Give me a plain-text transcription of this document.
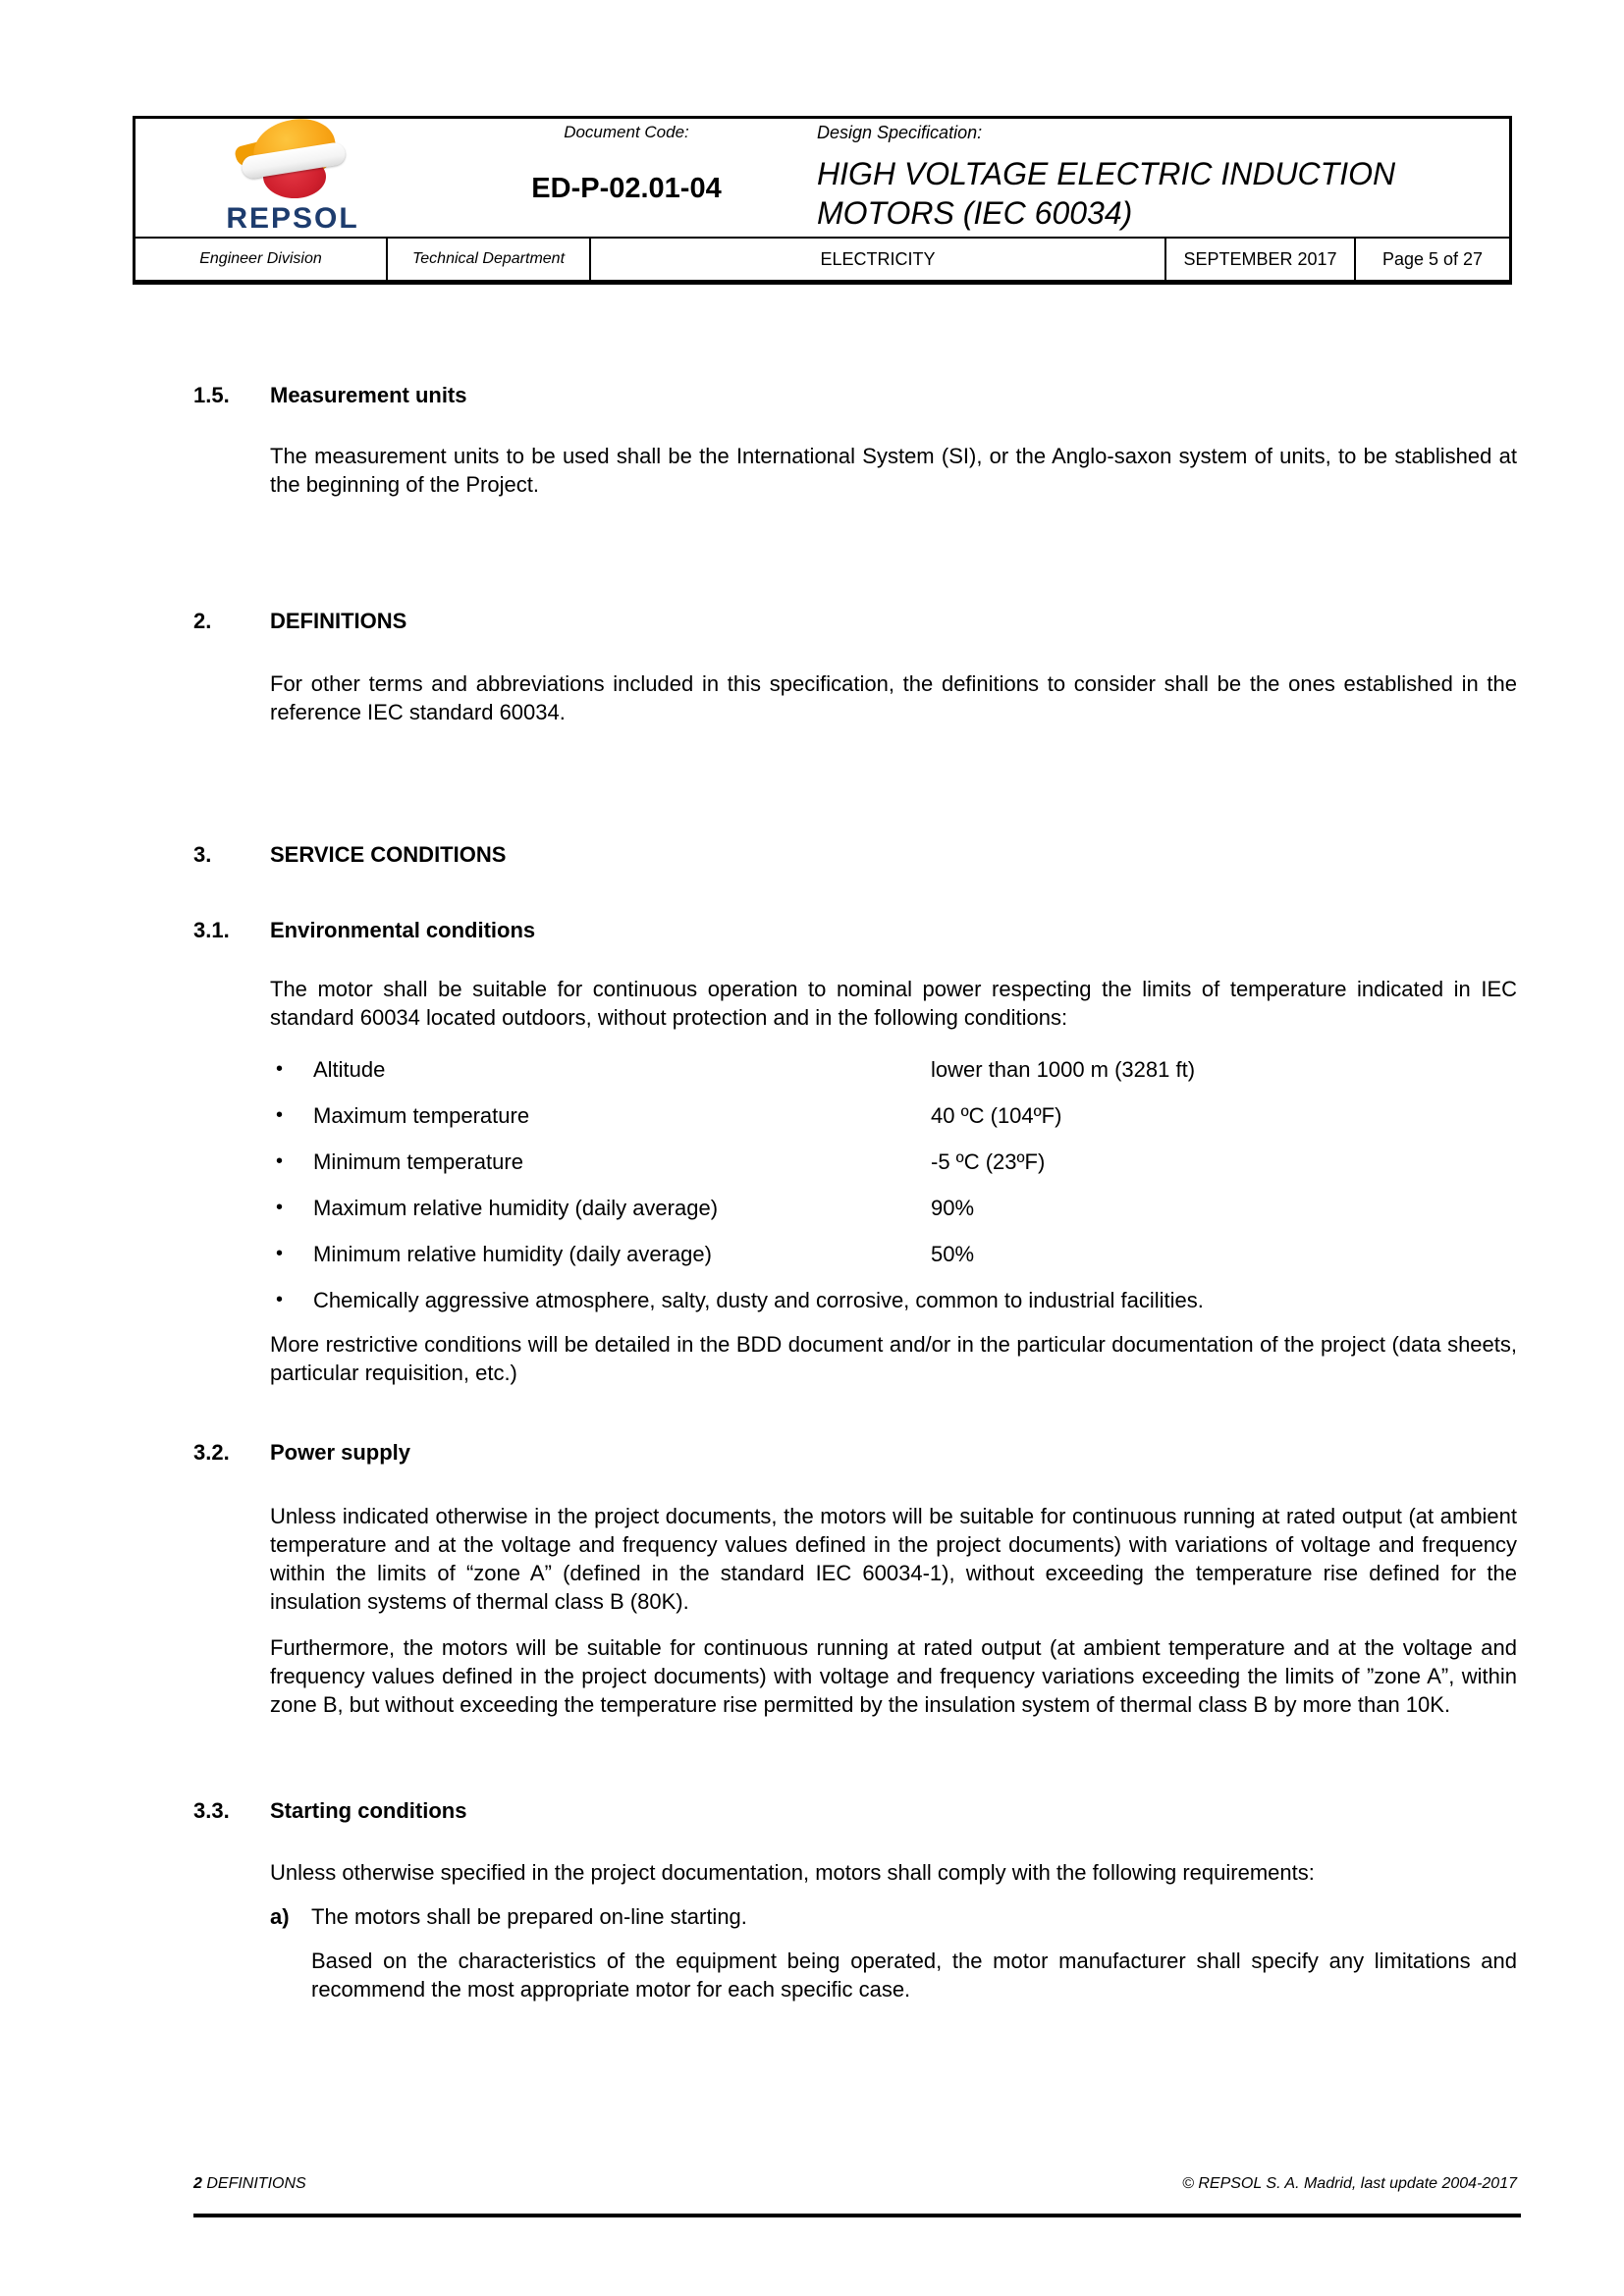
REPSOL
Document Code:
ED-P-02.01-04
Design Specification:
HIGH VOLTAGE ELECTRIC INDUCTION MOTORS (IEC 60034)
Engineer Division	Technical Department	ELECTRICITY	SEPTEMBER 2017	Page 5 of 27
1.5. Measurement units
The measurement units to be used shall be the International System (SI), or the Anglo-saxon system of units, to be stablished at the beginning of the Project.
2.	DEFINITIONS
For other terms and abbreviations included in this specification, the definitions to consider shall be the ones established in the reference IEC standard 60034.
3.	SERVICE CONDITIONS
3.1. Environmental conditions
The motor shall be suitable for continuous operation to nominal power respecting the limits of temperature indicated in IEC standard 60034 located outdoors, without protection and in the following conditions:
• Altitude	lower than 1000 m (3281 ft)
• Maximum temperature	40 ºC (104ºF)
• Minimum temperature	-5 ºC (23ºF)
• Maximum relative humidity (daily average)	90%
• Minimum relative humidity (daily average)	50%
• Chemically aggressive atmosphere, salty, dusty and corrosive, common to industrial facilities.
More restrictive conditions will be detailed in the BDD document and/or in the particular documentation of the project (data sheets, particular requisition, etc.)
3.2. Power supply
Unless indicated otherwise in the project documents, the motors will be suitable for continuous running at rated output (at ambient temperature and at the voltage and frequency values defined in the project documents) with variations of voltage and frequency within the limits of “zone A” (defined in the standard IEC 60034-1), without exceeding the temperature rise defined for the insulation systems of thermal class B (80K).
Furthermore, the motors will be suitable for continuous running at rated output (at ambient temperature and at the voltage and frequency values defined in the project documents) with voltage and frequency variations exceeding the limits of ”zone A”, within zone B, but without exceeding the temperature rise permitted by the insulation system of thermal class B by more than 10K.
3.3. Starting conditions
Unless otherwise specified in the project documentation, motors shall comply with the following requirements:
a) The motors shall be prepared on-line starting.
Based on the characteristics of the equipment being operated, the motor manufacturer shall specify any limitations and recommend the most appropriate motor for each specific case.
2 DEFINITIONS	© REPSOL S. A. Madrid, last update 2004-2017
